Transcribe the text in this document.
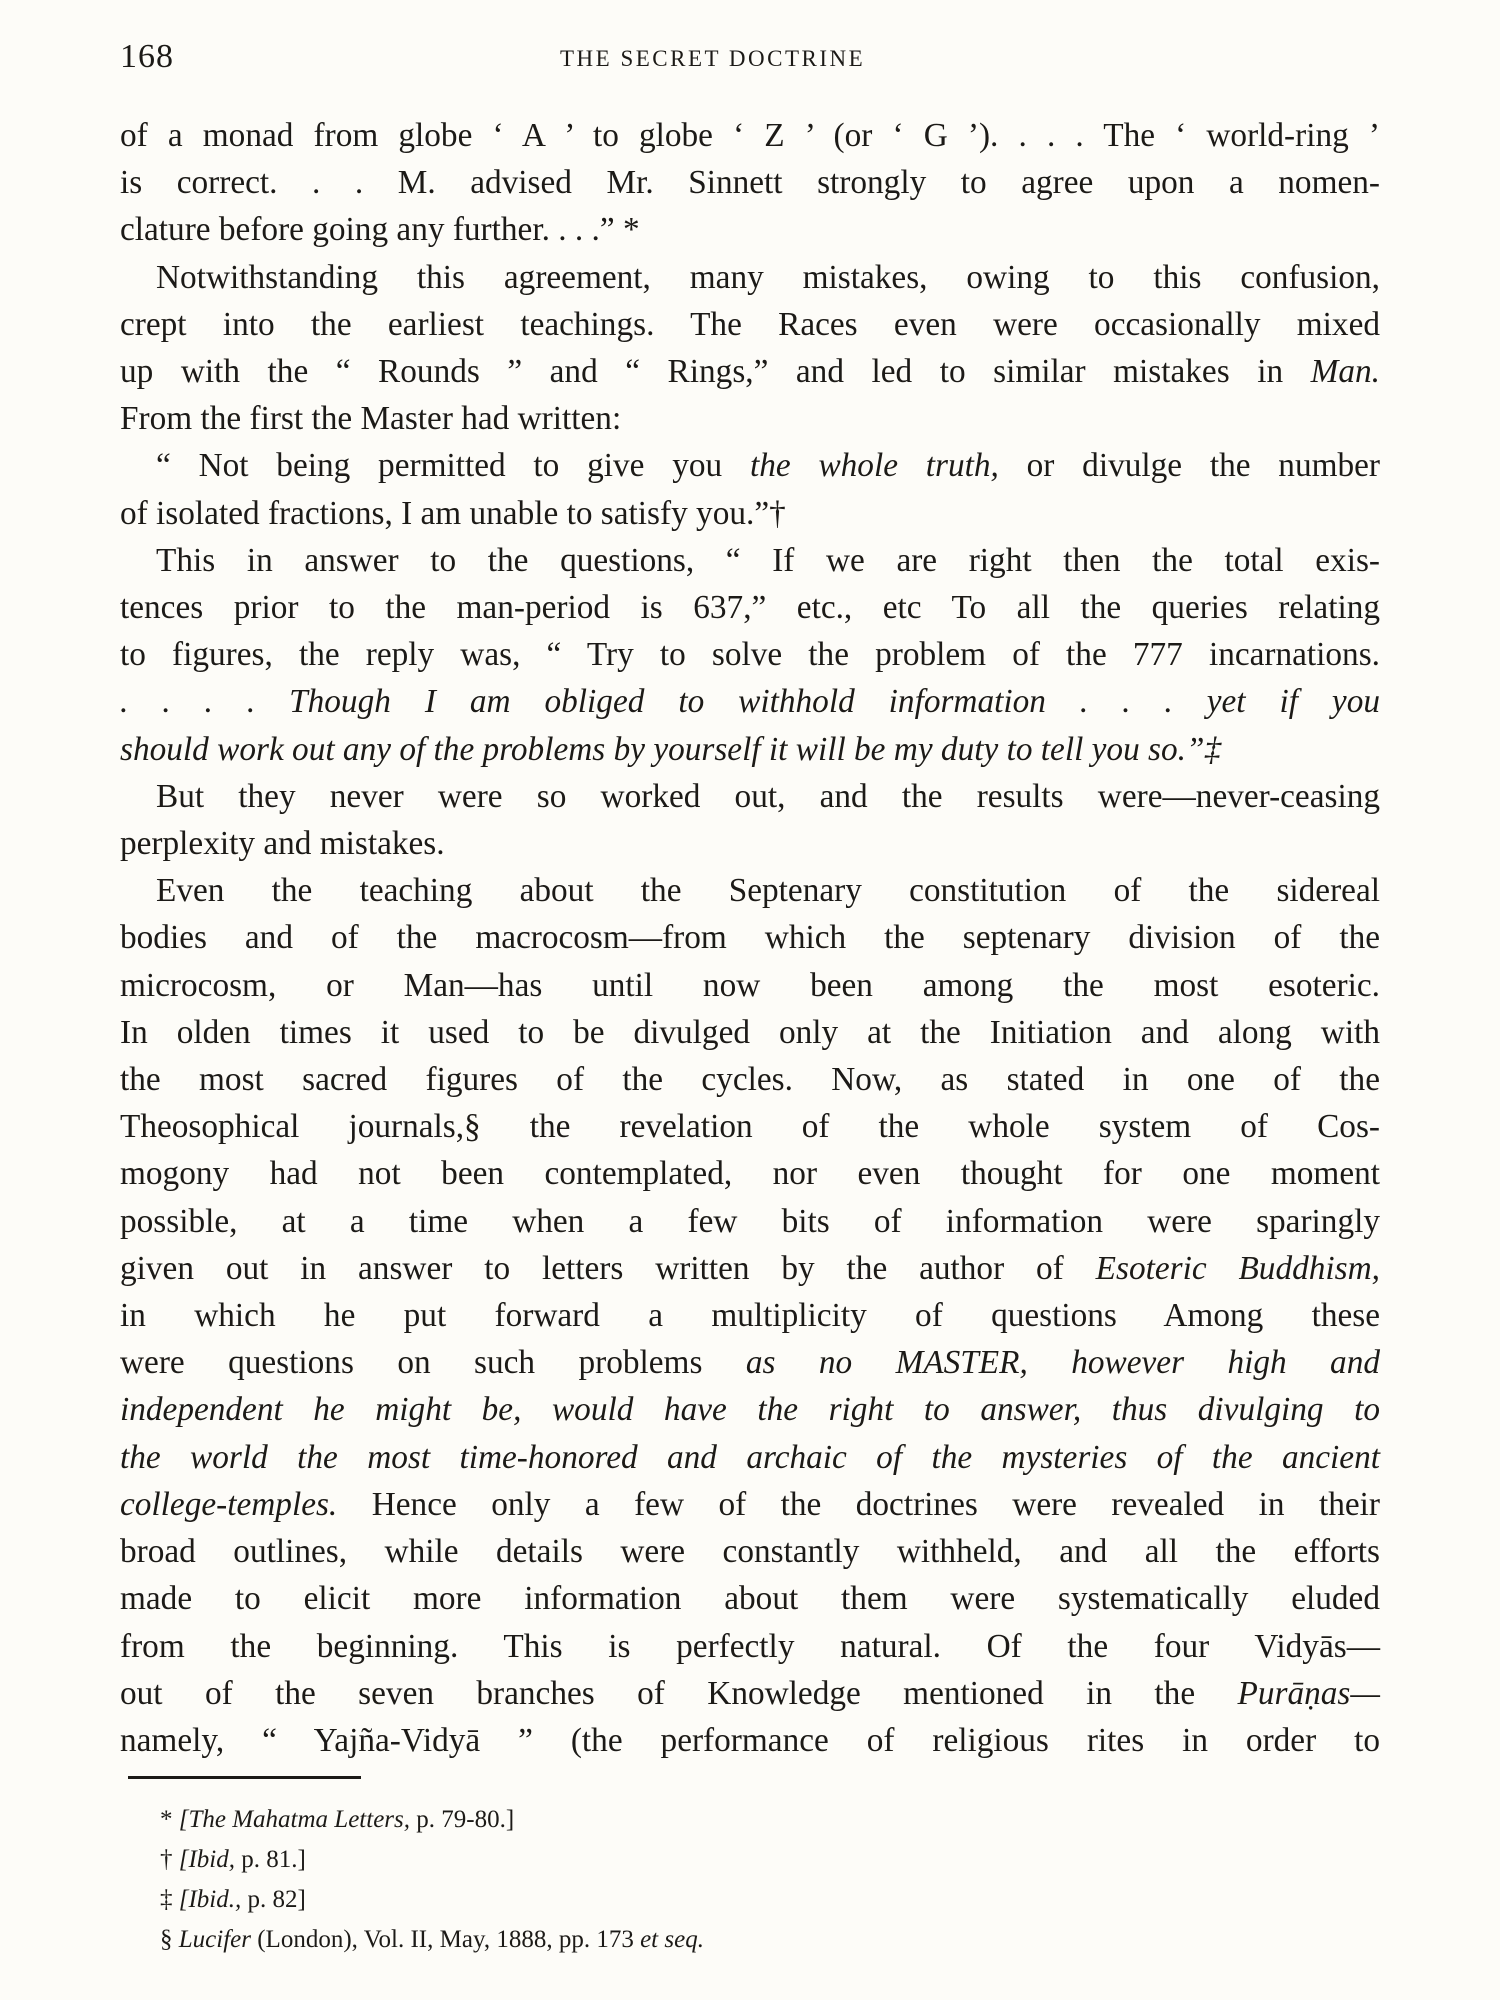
168	THE SECRET DOCTRINE
of a monad from globe ‘ A ’ to globe ‘ Z ’ (or ‘ G ’). . . . The ‘ world-ring ’
is correct. . . M. advised Mr. Sinnett strongly to agree upon a nomen-
clature before going any further. . . .” *
Notwithstanding this agreement, many mistakes, owing to this confusion,
crept into the earliest teachings. The Races even were occasionally mixed
up with the “ Rounds ” and “ Rings,” and led to similar mistakes in Man.
From the first the Master had written:
“ Not being permitted to give you the whole truth, or divulge the number
of isolated fractions, I am unable to satisfy you.”†
This in answer to the questions, “ If we are right then the total exis-
tences prior to the man-period is 637,” etc., etc To all the queries relating
to figures, the reply was, “ Try to solve the problem of the 777 incarnations.
. . . . Though I am obliged to withhold information . . . yet if you
should work out any of the problems by yourself it will be my duty to tell you so.”‡
But they never were so worked out, and the results were—never-ceasing
perplexity and mistakes.
Even the teaching about the Septenary constitution of the sidereal
bodies and of the macrocosm—from which the septenary division of the
microcosm, or Man—has until now been among the most esoteric.
In olden times it used to be divulged only at the Initiation and along with
the most sacred figures of the cycles. Now, as stated in one of the
Theosophical journals,§ the revelation of the whole system of Cos-
mogony had not been contemplated, nor even thought for one moment
possible, at a time when a few bits of information were sparingly
given out in answer to letters written by the author of Esoteric Buddhism,
in which he put forward a multiplicity of questions Among these
were questions on such problems as no MASTER, however high and
independent he might be, would have the right to answer, thus divulging to
the world the most time-honored and archaic of the mysteries of the ancient
college-temples. Hence only a few of the doctrines were revealed in their
broad outlines, while details were constantly withheld, and all the efforts
made to elicit more information about them were systematically eluded
from the beginning. This is perfectly natural. Of the four Vidyās—
out of the seven branches of Knowledge mentioned in the Purāṇas—
namely, “ Yajña-Vidyā ” (the performance of religious rites in order to
* [The Mahatma Letters, p. 79-80.]
† [Ibid, p. 81.]
‡ [Ibid., p. 82]
§ Lucifer (London), Vol. II, May, 1888, pp. 173 et seq.
